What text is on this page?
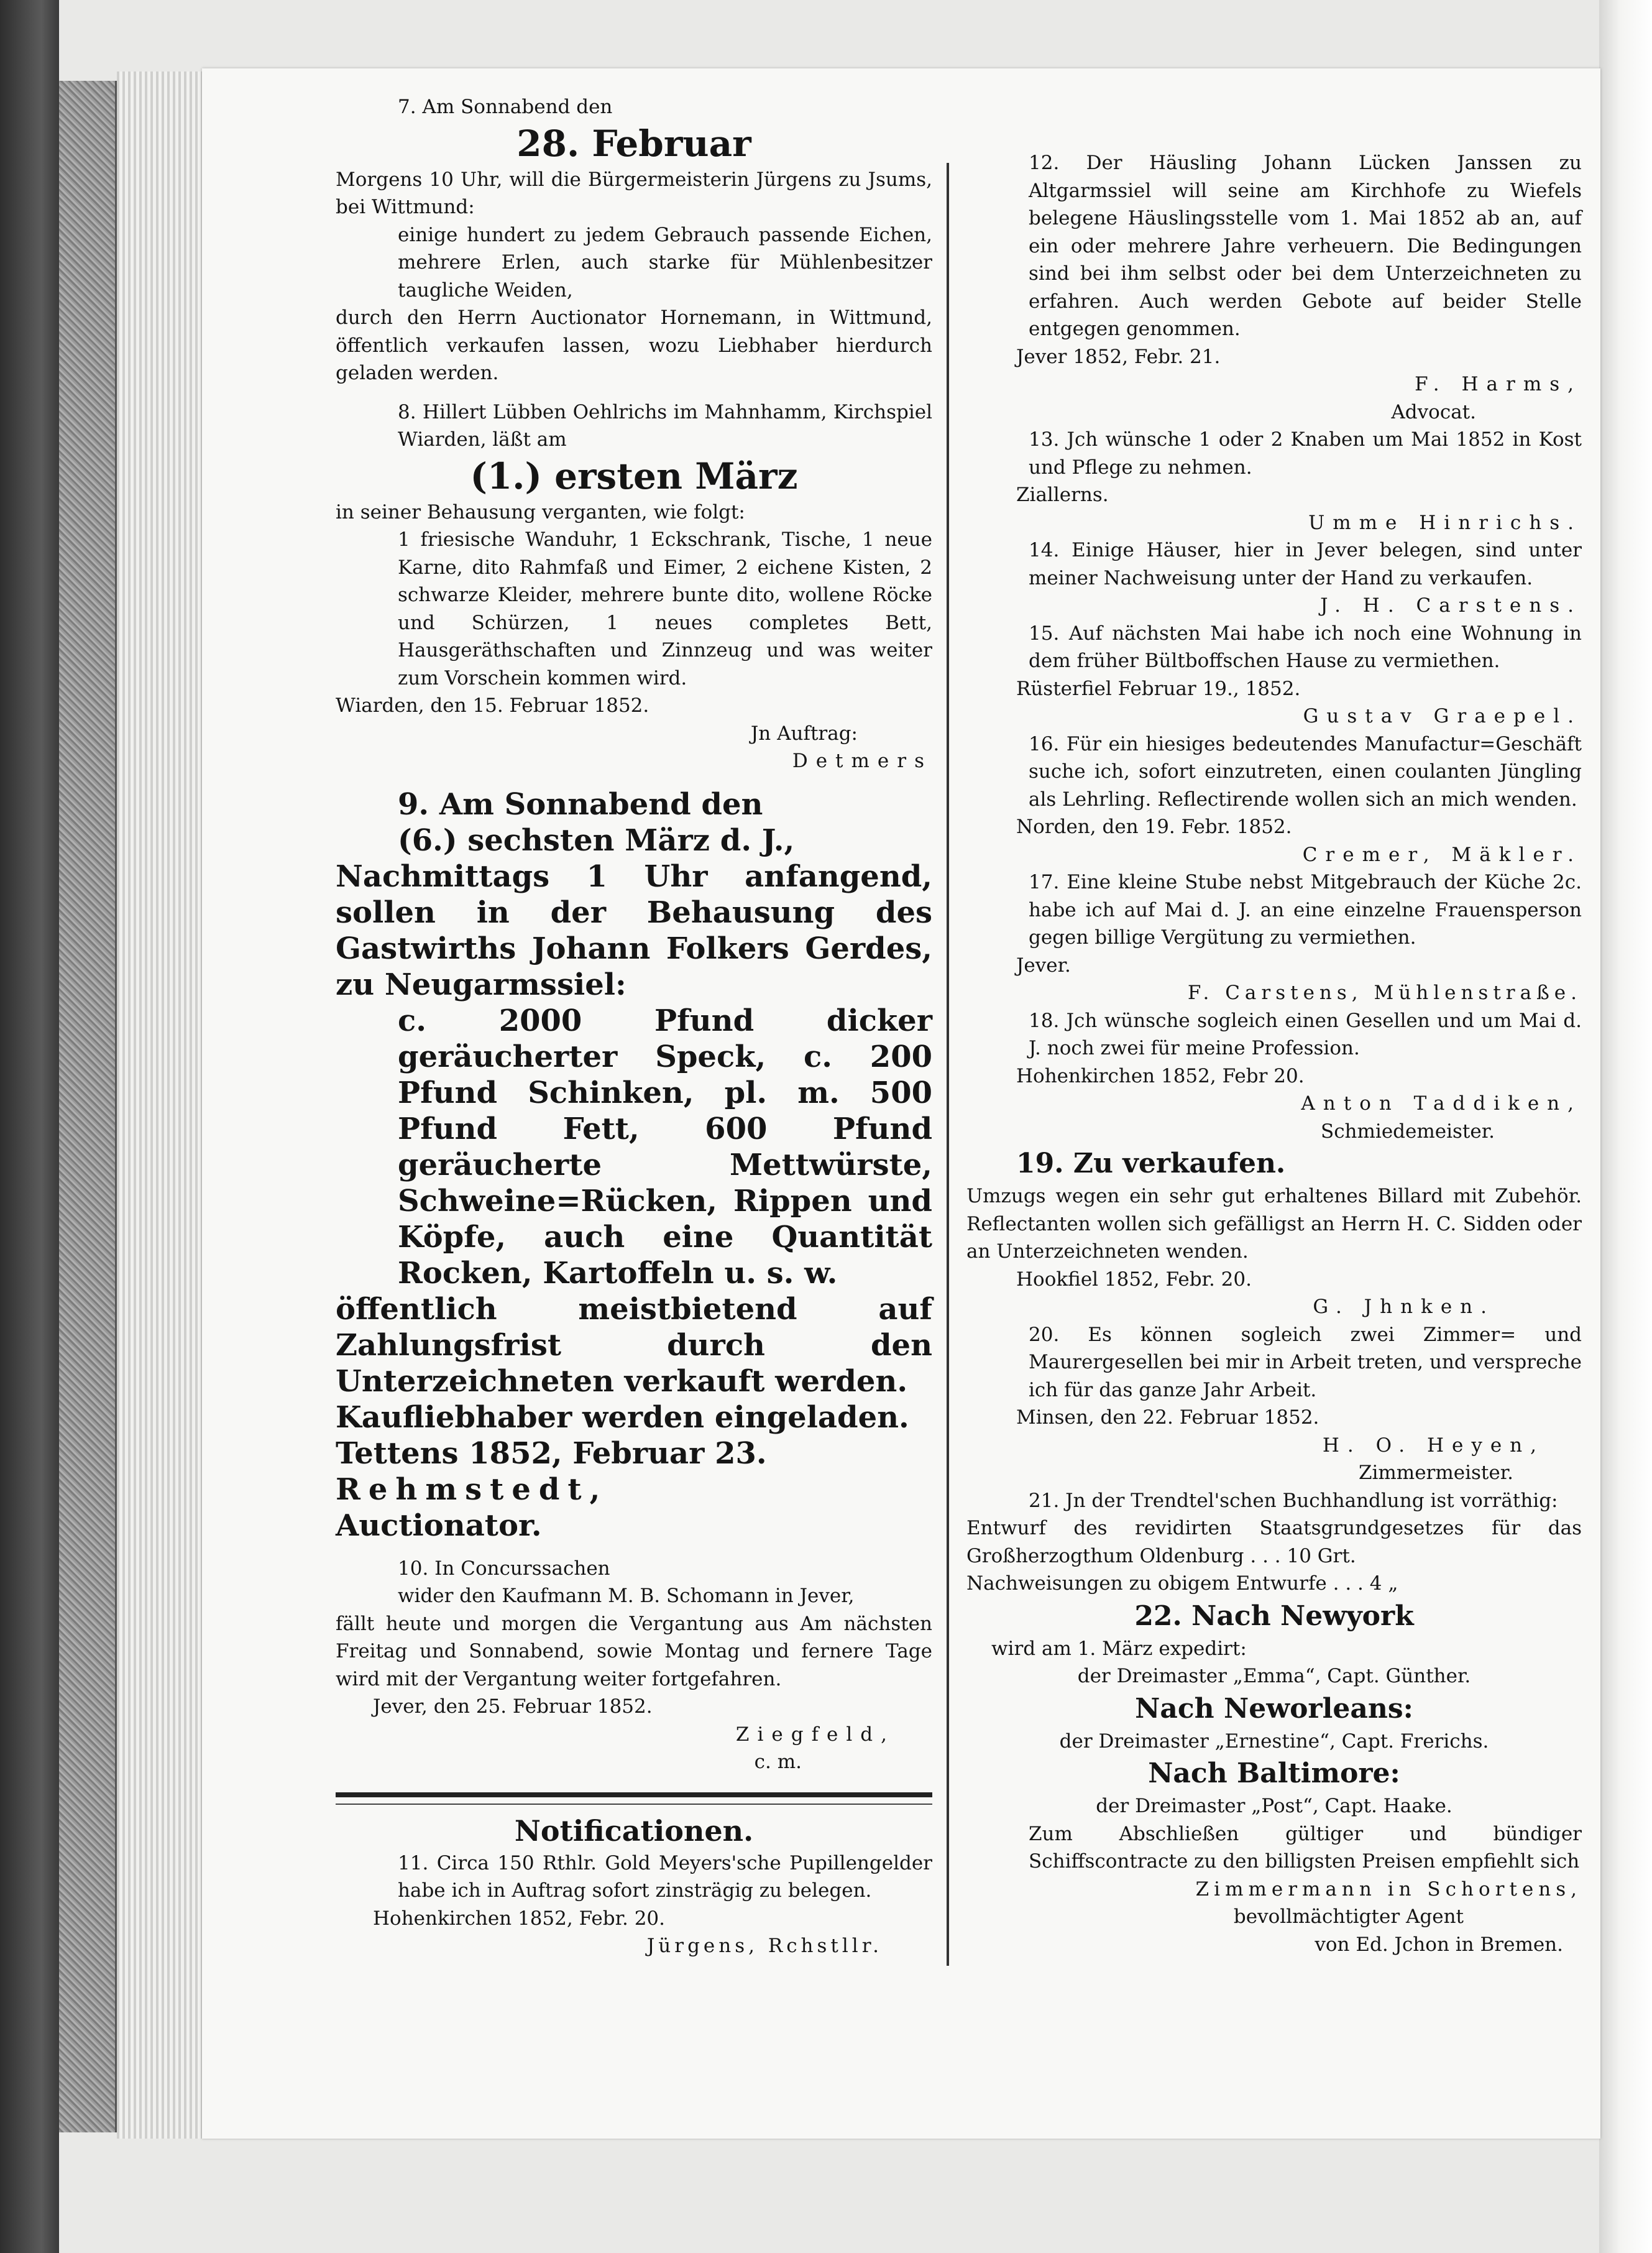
7. Am Sonnabend den

28. Februar

Morgens 10 Uhr, will die Bürgermeisterin Jürgens zu Jsums, bei Wittmund:

einige hundert zu jedem Gebrauch passende Eichen, mehrere Erlen, auch starke für Mühlenbesitzer taugliche Weiden,

durch den Herrn Auctionator Hornemann, in Wittmund, öffentlich verkaufen lassen, wozu Liebhaber hierdurch geladen werden.

8. Hillert Lübben Oehlrichs im Mahnhamm, Kirchspiel Wiarden, läßt am

(1.) ersten März

in seiner Behausung verganten, wie folgt:

1 friesische Wanduhr, 1 Eckschrank, Tische, 1 neue Karne, dito Rahmfaß und Eimer, 2 eichene Kisten, 2 schwarze Kleider, mehrere bunte dito, wollene Röcke und Schürzen, 1 neues completes Bett, Hausgeräthschaften und Zinnzeug und was weiter zum Vorschein kommen wird.

Wiarden, den 15. Februar 1852.

Jn Auftrag:

Detmers

9. Am Sonnabend den

(6.) sechsten März d. J.,

Nachmittags 1 Uhr anfangend, sollen in der Behausung des Gastwirths Johann Folkers Gerdes, zu Neugarmssiel:

c. 2000 Pfund dicker geräucherter Speck, c. 200 Pfund Schinken, pl. m. 500 Pfund Fett, 600 Pfund geräucherte Mettwürste, Schweine=Rücken, Rippen und Köpfe, auch eine Quantität Rocken, Kartoffeln u. s. w.

öffentlich meistbietend auf Zahlungsfrist durch den Unterzeichneten verkauft werden.

Kaufliebhaber werden eingeladen.

Tettens 1852, Februar 23.

Rehmstedt,

Auctionator.

10. In Concurssachen

wider den Kaufmann M. B. Schomann in Jever,

fällt heute und morgen die Vergantung aus Am nächsten Freitag und Sonnabend, sowie Montag und fernere Tage wird mit der Vergantung weiter fortgefahren.

Jever, den 25. Februar 1852.

Ziegfeld,

c. m.

Notificationen.

11. Circa 150 Rthlr. Gold Meyers'sche Pupillengelder habe ich in Auftrag sofort zinsträgig zu belegen.

Hohenkirchen 1852, Febr. 20.

Jürgens, Rchstllr.

12. Der Häusling Johann Lücken Janssen zu Altgarmssiel will seine am Kirchhofe zu Wiefels belegene Häuslingsstelle vom 1. Mai 1852 ab an, auf ein oder mehrere Jahre verheuern. Die Bedingungen sind bei ihm selbst oder bei dem Unterzeichneten zu erfahren. Auch werden Gebote auf beider Stelle entgegen genommen.

Jever 1852, Febr. 21.

F. Harms,

Advocat.

13. Jch wünsche 1 oder 2 Knaben um Mai 1852 in Kost und Pflege zu nehmen.

Ziallerns.

Umme Hinrichs.

14. Einige Häuser, hier in Jever belegen, sind unter meiner Nachweisung unter der Hand zu verkaufen.

J. H. Carstens.

15. Auf nächsten Mai habe ich noch eine Wohnung in dem früher Bültboffschen Hause zu vermiethen.

Rüsterfiel Februar 19., 1852.

Gustav Graepel.

16. Für ein hiesiges bedeutendes Manufactur=Geschäft suche ich, sofort einzutreten, einen coulanten Jüngling als Lehrling. Reflectirende wollen sich an mich wenden.

Norden, den 19. Febr. 1852.

Cremer, Mäkler.

17. Eine kleine Stube nebst Mitgebrauch der Küche 2c. habe ich auf Mai d. J. an eine einzelne Frauensperson gegen billige Vergütung zu vermiethen.

Jever.

F. Carstens, Mühlenstraße.

18. Jch wünsche sogleich einen Gesellen und um Mai d. J. noch zwei für meine Profession.

Hohenkirchen 1852, Febr 20.

Anton Taddiken,

Schmiedemeister.

19. Zu verkaufen.

Umzugs wegen ein sehr gut erhaltenes Billard mit Zubehör. Reflectanten wollen sich gefälligst an Herrn H. C. Sidden oder an Unterzeichneten wenden.

Hookfiel 1852, Febr. 20.

G. Jhnken.

20. Es können sogleich zwei Zimmer= und Maurergesellen bei mir in Arbeit treten, und verspreche ich für das ganze Jahr Arbeit.

Minsen, den 22. Februar 1852.

H. O. Heyen,

Zimmermeister.

21. Jn der Trendtel'schen Buchhandlung ist vorräthig:

Entwurf des revidirten Staatsgrundgesetzes für das Großherzogthum Oldenburg . . . 10 Grt.

Nachweisungen zu obigem Entwurfe . . . 4 „

22. Nach Newyork

wird am 1. März expedirt:

der Dreimaster „Emma“, Capt. Günther.

Nach Neworleans:

der Dreimaster „Ernestine“, Capt. Frerichs.

Nach Baltimore:

der Dreimaster „Post“, Capt. Haake.

Zum Abschließen gültiger und bündiger Schiffscontracte zu den billigsten Preisen empfiehlt sich

Zimmermann in Schortens,

bevollmächtigter Agent

von Ed. Jchon in Bremen.
